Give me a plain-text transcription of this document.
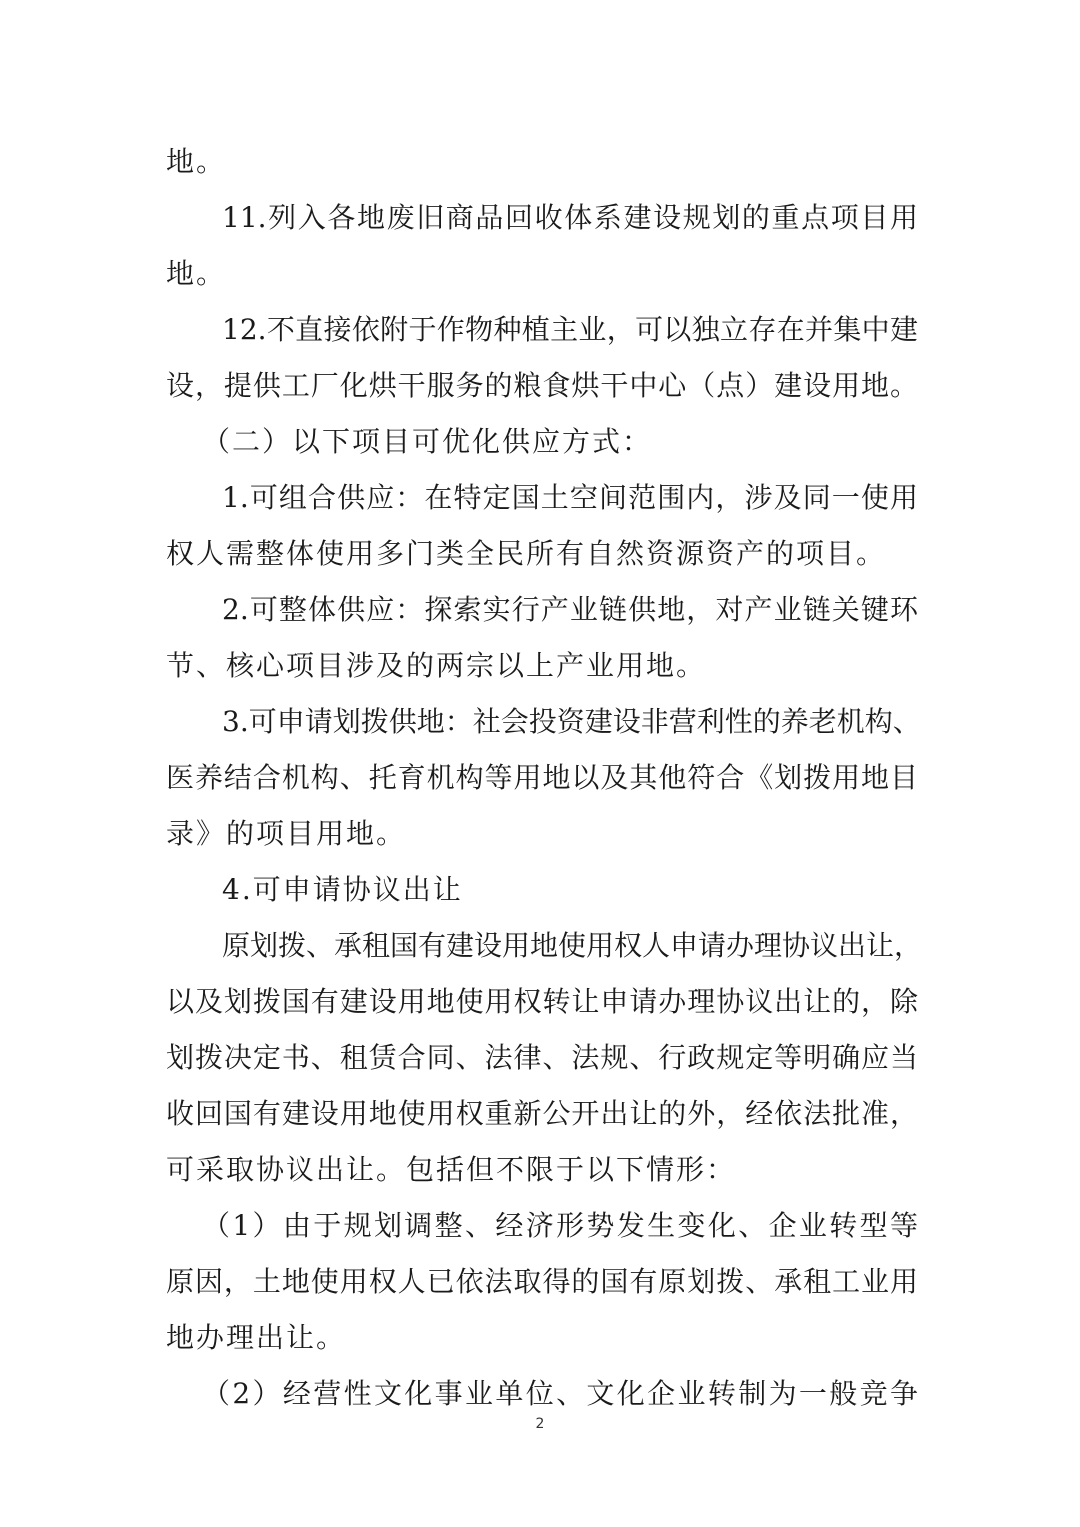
地。
11.列入各地废旧商品回收体系建设规划的重点项目用
地。
12.不直接依附于作物种植主业，可以独立存在并集中建
设，提供工厂化烘干服务的粮食烘干中心（点）建设用地。
（二）以下项目可优化供应方式：
1.可组合供应：在特定国土空间范围内，涉及同一使用
权人需整体使用多门类全民所有自然资源资产的项目。
2.可整体供应：探索实行产业链供地，对产业链关键环
节、核心项目涉及的两宗以上产业用地。
3.可申请划拨供地：社会投资建设非营利性的养老机构、
医养结合机构、托育机构等用地以及其他符合《划拨用地目
录》的项目用地。
4.可申请协议出让
原划拨、承租国有建设用地使用权人申请办理协议出让，
以及划拨国有建设用地使用权转让申请办理协议出让的，除
划拨决定书、租赁合同、法律、法规、行政规定等明确应当
收回国有建设用地使用权重新公开出让的外，经依法批准，
可采取协议出让。包括但不限于以下情形：
（1）由于规划调整、经济形势发生变化、企业转型等
原因，土地使用权人已依法取得的国有原划拨、承租工业用
地办理出让。
（2）经营性文化事业单位、文化企业转制为一般竞争
2
